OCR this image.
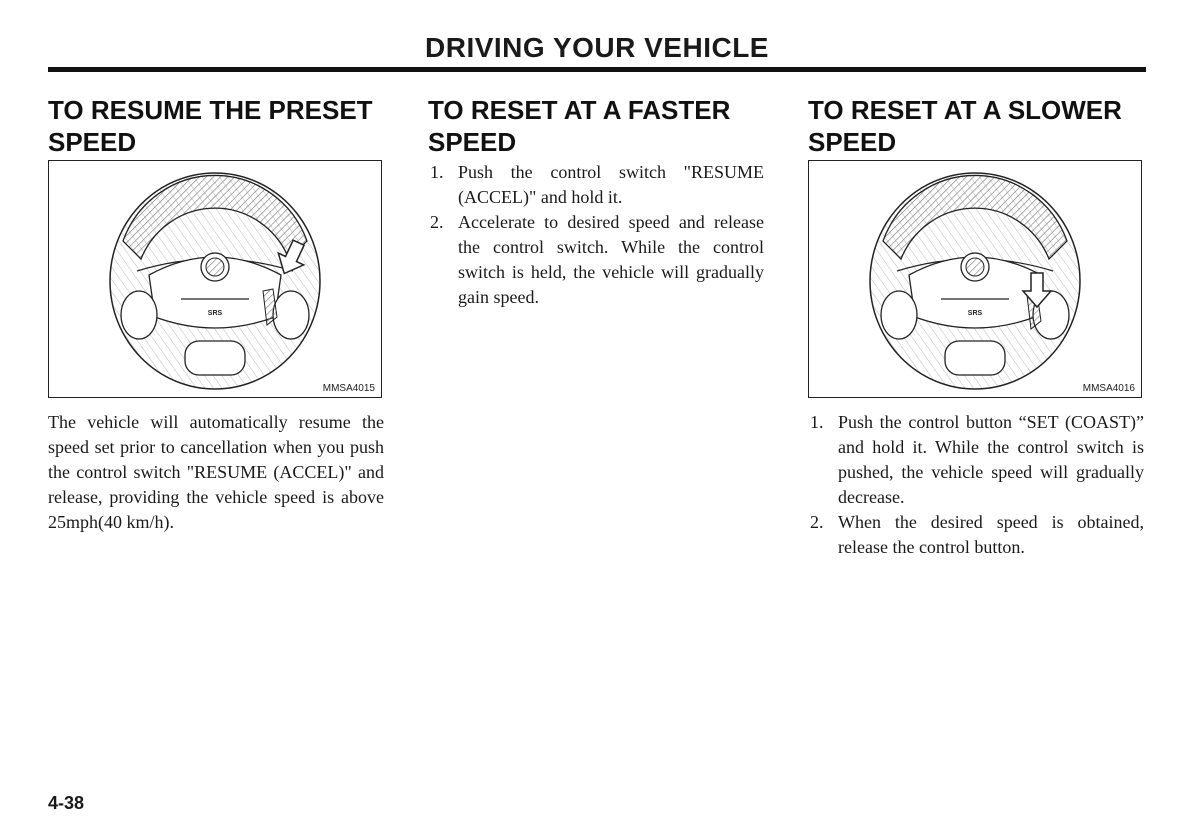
DRIVING YOUR VEHICLE
TO RESUME THE PRESET
SPEED
SRS
MMSA4015

The vehicle will automatically resume the speed set prior to cancellation when you push the control switch "RESUME (ACCEL)" and release, providing the vehicle speed is above 25mph(40 km/h).

TO RESET AT A FASTER
SPEED
1. Push the control switch "RESUME (ACCEL)" and hold it.
2. Accelerate to desired speed and release the control switch. While the control switch is held, the vehicle will gradually gain speed.
TO RESET AT A SLOWER
SPEED
SRS
MMSA4016
1. Push the control button “SET (COAST)” and hold it. While the control switch is pushed, the vehicle speed will gradually decrease.
2. When the desired speed is obtained, release the control button.
4-38
